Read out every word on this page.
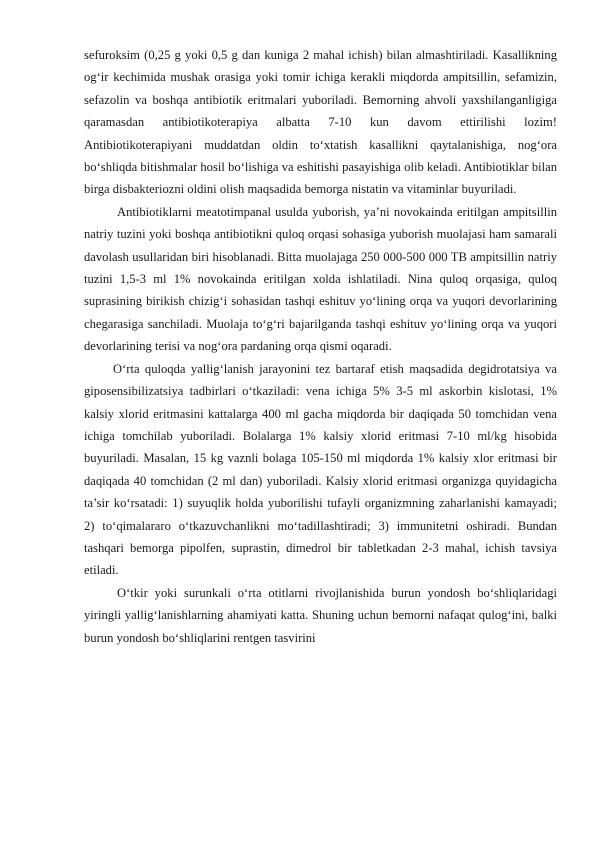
sefuroksim (0,25 g yoki 0,5 g dan kuniga 2 mahal ichish) bilan almashtiriladi. Kasallikning og‘ir kechimida mushak orasiga yoki tomir ichiga kerakli miqdorda ampitsillin, sefamizin, sefazolin va boshqa antibiotik eritmalari yuboriladi. Bemorning ahvoli yaxshilanganligiga qaramasdan antibiotikoterapiya albatta 7-10 kun davom ettirilishi lozim! Antibiotikoterapiyani muddatdan oldin to‘xtatish kasallikni qaytalanishiga, nog‘ora bo‘shliqda bitishmalar hosil bo‘lishiga va eshitishi pasayishiga olib keladi. Antibiotiklar bilan birga disbakteriozni oldini olish maqsadida bemorga nistatin va vitaminlar buyuriladi.

Antibiotiklarni meatotimpanal usulda yuborish, ya’ni novokainda eritilgan ampitsillin natriy tuzini yoki boshqa antibiotikni quloq orqasi sohasiga yuborish muolajasi ham samarali davolash usullaridan biri hisoblanadi. Bitta muolajaga 250 000-500 000 TB ampitsillin natriy tuzini 1,5-3 ml 1% novokainda eritilgan xolda ishlatiladi. Nina quloq orqasiga, quloq suprasining birikish chizig‘i sohasidan tashqi eshituv yo‘lining orqa va yuqori devorlarining chegarasiga sanchiladi. Muolaja to‘g‘ri bajarilganda tashqi eshituv yo‘lining orqa va yuqori devorlarining terisi va nog‘ora pardaning orqa qismi oqaradi.

O‘rta quloqda yallig‘lanish jarayonini tez bartaraf etish maqsadida degidrotatsiya va giposensibilizatsiya tadbirlari o‘tkaziladi: vena ichiga 5% 3-5 ml askorbin kislotasi, 1% kalsiy xlorid eritmasini kattalarga 400 ml gacha miqdorda bir daqiqada 50 tomchidan vena ichiga tomchilab yuboriladi. Bolalarga 1% kalsiy xlorid eritmasi 7-10 ml/kg hisobida buyuriladi. Masalan, 15 kg vaznli bolaga 105-150 ml miqdorda 1% kalsiy xlor eritmasi bir daqiqada 40 tomchidan (2 ml dan) yuboriladi. Kalsiy xlorid eritmasi organizga quyidagicha ta’sir ko‘rsatadi: 1) suyuqlik holda yuborilishi tufayli organizmning zaharlanishi kamayadi; 2) to‘qimalararo o‘tkazuvchanlikni mo‘tadillashtiradi; 3) immunitetni oshiradi. Bundan tashqari bemorga pipolfen, suprastin, dimedrol bir tabletkadan 2-3 mahal, ichish tavsiya etiladi.

O‘tkir yoki surunkali o‘rta otitlarni rivojlanishida burun yondosh bo‘shliqlaridagi yiringli yallig‘lanishlarning ahamiyati katta. Shuning uchun bemorni nafaqat qulog‘ini, balki burun yondosh bo‘shliqlarini rentgen tasvirini
